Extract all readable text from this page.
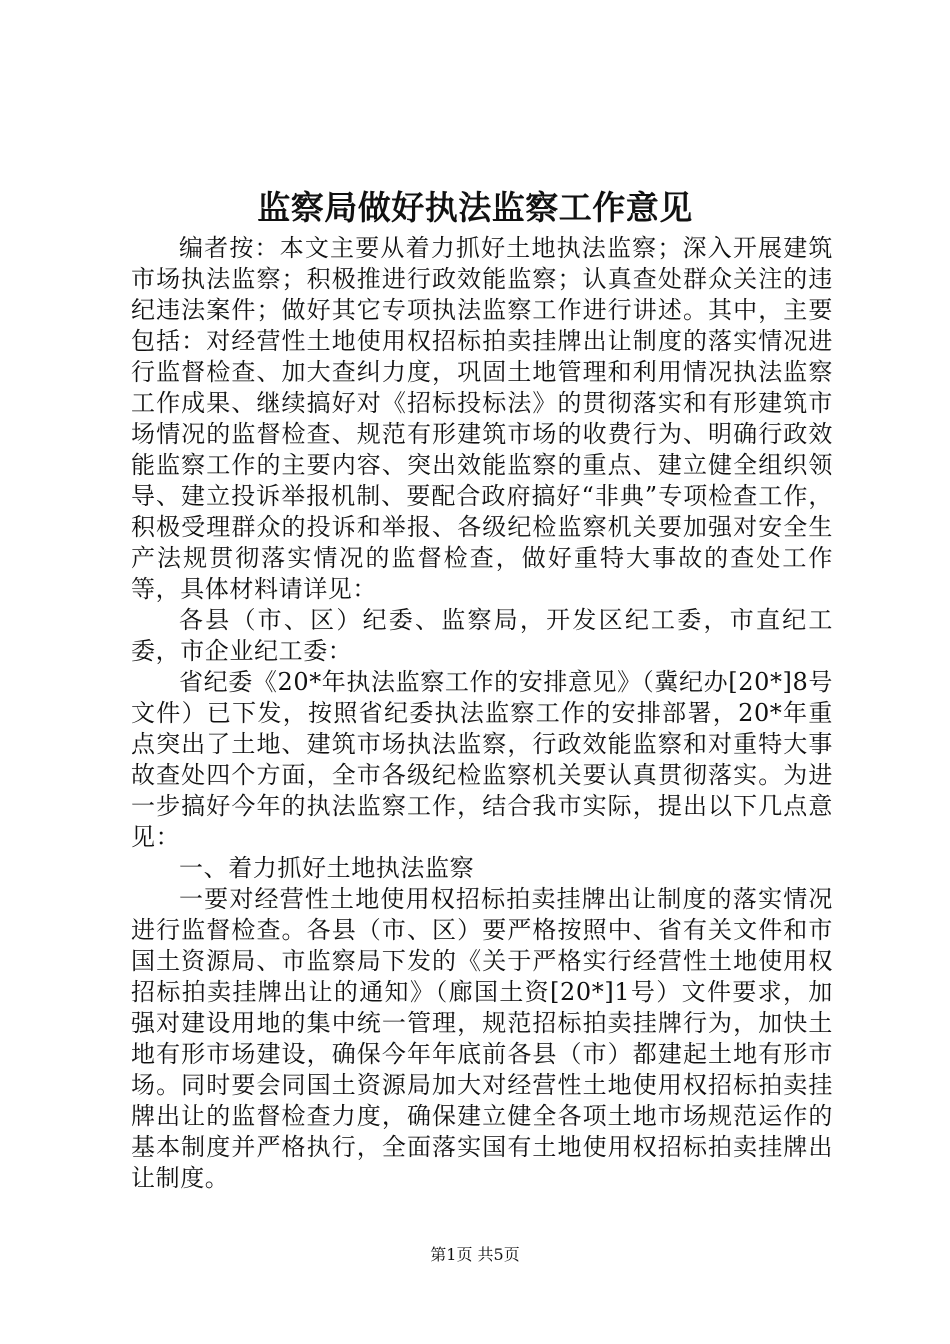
监察局做好执法监察工作意见

编者按：本文主要从着力抓好土地执法监察；深入开展建筑市场执法监察；积极推进行政效能监察；认真查处群众关注的违纪违法案件；做好其它专项执法监察工作进行讲述。其中，主要包括：对经营性土地使用权招标拍卖挂牌出让制度的落实情况进行监督检查、加大查纠力度，巩固土地管理和利用情况执法监察工作成果、继续搞好对《招标投标法》的贯彻落实和有形建筑市场情况的监督检查、规范有形建筑市场的收费行为、明确行政效能监察工作的主要内容、突出效能监察的重点、建立健全组织领导、建立投诉举报机制、要配合政府搞好“非典”专项检查工作，积极受理群众的投诉和举报、各级纪检监察机关要加强对安全生产法规贯彻落实情况的监督检查，做好重特大事故的查处工作等，具体材料请详见：

各县（市、区）纪委、监察局，开发区纪工委，市直纪工委，市企业纪工委：

省纪委《20*年执法监察工作的安排意见》（冀纪办[20*]8号文件）已下发，按照省纪委执法监察工作的安排部署，20*年重点突出了土地、建筑市场执法监察，行政效能监察和对重特大事故查处四个方面，全市各级纪检监察机关要认真贯彻落实。为进一步搞好今年的执法监察工作，结合我市实际，提出以下几点意见：

一、着力抓好土地执法监察

一要对经营性土地使用权招标拍卖挂牌出让制度的落实情况进行监督检查。各县（市、区）要严格按照中、省有关文件和市国土资源局、市监察局下发的《关于严格实行经营性土地使用权招标拍卖挂牌出让的通知》（廊国土资[20*]1号）文件要求，加强对建设用地的集中统一管理，规范招标拍卖挂牌行为，加快土地有形市场建设，确保今年年底前各县（市）都建起土地有形市场。同时要会同国土资源局加大对经营性土地使用权招标拍卖挂牌出让的监督检查力度，确保建立健全各项土地市场规范运作的基本制度并严格执行，全面落实国有土地使用权招标拍卖挂牌出让制度。

第1页 共5页
